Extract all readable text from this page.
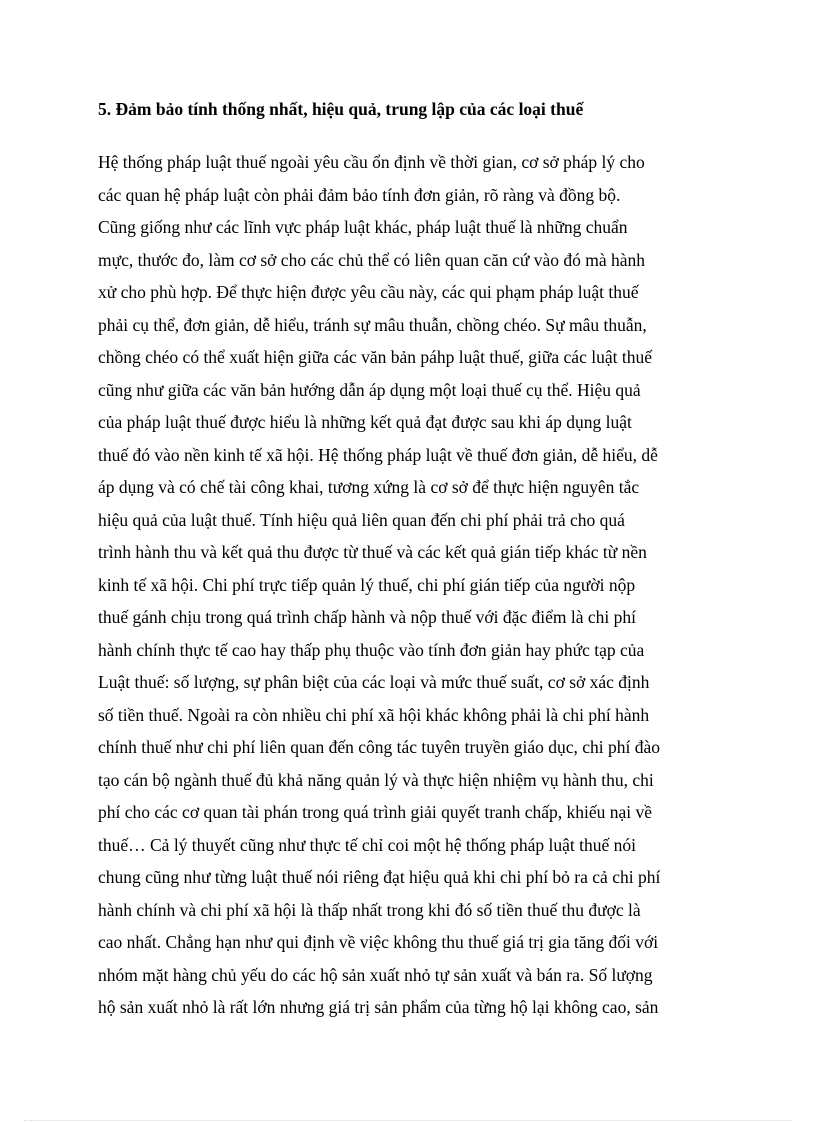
5. Đảm bảo tính thống nhất, hiệu quả, trung lập của các loại thuế
Hệ thống pháp luật thuế ngoài yêu cầu ổn định về thời gian, cơ sở pháp lý cho
các quan hệ pháp luật còn phải đảm bảo tính đơn giản, rõ ràng và đồng bộ.
Cũng giống như các lĩnh vực pháp luật khác, pháp luật thuế là những chuẩn
mực, thước đo, làm cơ sở cho các chủ thể có liên quan căn cứ vào đó mà hành
xử cho phù hợp. Để thực hiện được yêu cầu này, các qui phạm pháp luật thuế
phải cụ thể, đơn giản, dễ hiểu, tránh sự mâu thuẫn, chồng chéo. Sự mâu thuẫn,
chồng chéo có thể xuất hiện giữa các văn bản páhp luật thuế, giữa các luật thuế
cũng như giữa các văn bản hướng dẫn áp dụng một loại thuế cụ thể. Hiệu quả
của pháp luật thuế được hiểu là những kết quả đạt được sau khi áp dụng luật
thuế đó vào nền kinh tế xã hội. Hệ thống pháp luật về thuế đơn giản, dễ hiểu, dễ
áp dụng và có chế tài công khai, tương xứng là cơ sở để thực hiện nguyên tắc
hiệu quả của luật thuế. Tính hiệu quả liên quan đến chi phí phải trả cho quá
trình hành thu và kết quả thu được từ thuế và các kết quả gián tiếp khác từ nền
kinh tế xã hội. Chi phí trực tiếp quản lý thuế, chi phí gián tiếp của người nộp
thuế gánh chịu trong quá trình chấp hành và nộp thuế với đặc điểm là chi phí
hành chính thực tế cao hay thấp phụ thuộc vào tính đơn giản hay phức tạp của
Luật thuế: số lượng, sự phân biệt của các loại và mức thuế suất, cơ sở xác định
số tiền thuế. Ngoài ra còn nhiều chi phí xã hội khác không phải là chi phí hành
chính thuế như chi phí liên quan đến công tác tuyên truyền giáo dục, chi phí đào
tạo cán bộ ngành thuế đủ khả năng quản lý và thực hiện nhiệm vụ hành thu, chi
phí cho các cơ quan tài phán trong quá trình giải quyết tranh chấp, khiếu nại về
thuế… Cả lý thuyết cũng như thực tế chỉ coi một hệ thống pháp luật thuế nói
chung cũng như từng luật thuế nói riêng đạt hiệu quả khi chi phí bỏ ra cả chi phí
hành chính và chi phí xã hội là thấp nhất trong khi đó số tiền thuế thu được là
cao nhất. Chẳng hạn như qui định về việc không thu thuế giá trị gia tăng đối với
nhóm mặt hàng chủ yếu do các hộ sản xuất nhỏ tự sản xuất và bán ra. Số lượng
hộ sản xuất nhỏ là rất lớn nhưng giá trị sản phẩm của từng hộ lại không cao, sản
